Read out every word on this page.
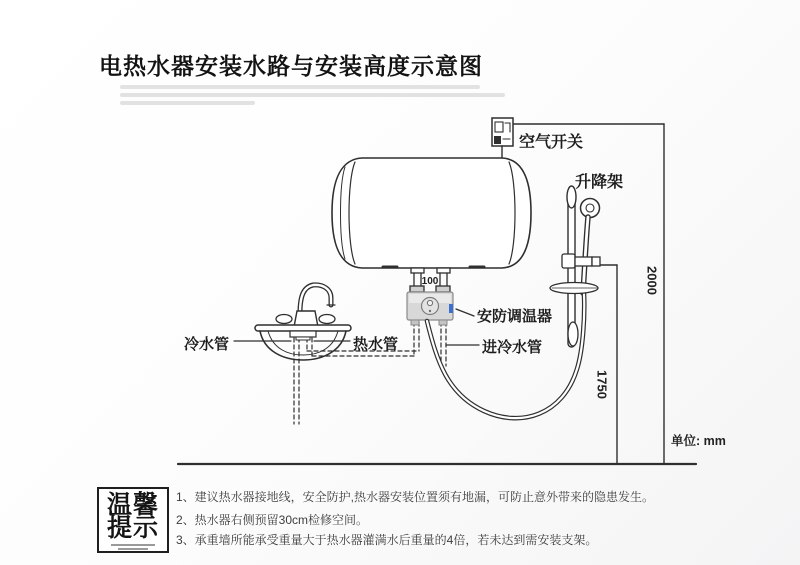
电热水器安装水路与安装高度示意图
空气开关
升降架
安防调温器
进冷水管
冷水管	热水管
100	2000
1750
单位: mm
温馨
提示
1、建议热水器接地线，安全防护,热水器安装位置须有地漏，可防止意外带来的隐患发生。
2、热水器右侧预留30cm检修空间。
3、承重墙所能承受重量大于热水器灌满水后重量的4倍，若未达到需安装支架。
